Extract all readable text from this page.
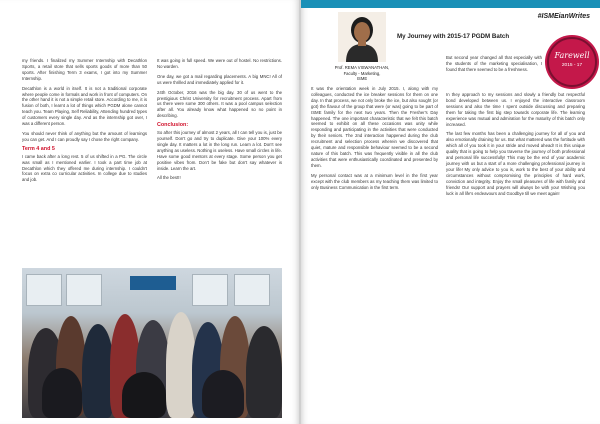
my friends. I finalized my Summer Internship with Decathlon Sports, a retail store that sells sports goods of more than 50 sports. After finishing Term 3 exams, I got into my Summer Internship.

Decathlon is a world in itself. It is not a traditional corporate where people come in formals and work in front of computers. On the other hand it is not a simple retail store. According to me, it is fusion of both, I learnt a lot of things which PGDM alone cannot teach you. Team Playing, Self Reliability, Attending hundred types of customers every single day. And as the internship got over, I was a different person.

You should never think of anything but the amount of learnings you can get. And I can proudly say I chose the right company.

Term 4 and 5

I came back after a long rest. 5 of us shifted in a PG. The circle was small as I mentioned earlier. I took a part time job at Decathlon which they offered me during internship. I couldn't focus on extra co curricular activities. In college due to studies and job.

It was going in full speed. We were out of hostel. No restrictions. No warden.

One day, we got a mail regarding placements. A big MNC! All of us were thrilled and immediately applied for it.

24th October, 2016 was the big day. 30 of us went to the prestigious Christ University for recruitment process. Apart from us there were some 300 others. It was a pool campus selection after all. You already know what happened so no point in describing.

Conclusion:

So after this journey of almost 2 years, all I can tell you is, just be yourself. Don't go and try to duplicate. Give your 100% every single day. It matters a lot in the long run. Learn a lot. Don't see anything as useless. Nothing is useless. Have small circles in life. Have some good mentors at every stage. Some person you get positive vibes from. Don't be fake but don't say whatever is inside. Learn the art.

All the best!!

#ISMEianWrites
My Journey with 2015-17 PGDM Batch
Prof. REMA VISWANATHAN,
Faculty - Marketing,
ISME
Farewell
2015 - 17

It was the orientation week in July 2015. I, along with my colleagues, conducted the ice breaker sessions for them on one day. In that process, we not only broke the ice, but also sought (or got) the flavour of the group that were (or was) going to be part of ISME family for the next two years. Then the Fresher's Day happened. The one important characteristic that we felt this batch seemed to exhibit on all these occasions was unity while responding and participating in the activities that were conducted by their seniors. The 2nd interaction happened during the club recruitment and selection process wherein we discovered that quiet, mature and responsible behaviour seemed to be a second nature of this batch. This was frequently visible in all the club activities that were enthusiastically coordinated and presented by them.

My personal contact was at a minimum level in the first year except with the club members as my teaching them was limited to only Business Communication in the first term.

But second year changed all that especially with the students of the marketing specialisation, I found that there seemed to be a freshness.

In they approach to my sessions and slowly a friendly but respectful bond developed between us. I enjoyed the interactive classroom sessions and also the time I spent outside discussing and preparing them for taking the first big step towards corporate life. The learning experience was mutual and admiration for the maturity of this batch only increased.

The last few months has been a challenging journey for all of you and also emotionally draining for us. But what mattered was the fortitude with which all of you took it in your stride and moved ahead! It is this unique quality that is going to help you traverse the journey of both professional and personal life successfully! This may be the end of your academic journey with us but a start of a more challenging professional journey in your life! My only advice to you is, work to the best of your ability and circumstances without compromising the principles of hard work, conviction and integrity. Enjoy the small pleasures of life with family and friends! Our support and prayers will always be with you! Wishing you luck in all life's endeavours and Goodbye till we meet again!
